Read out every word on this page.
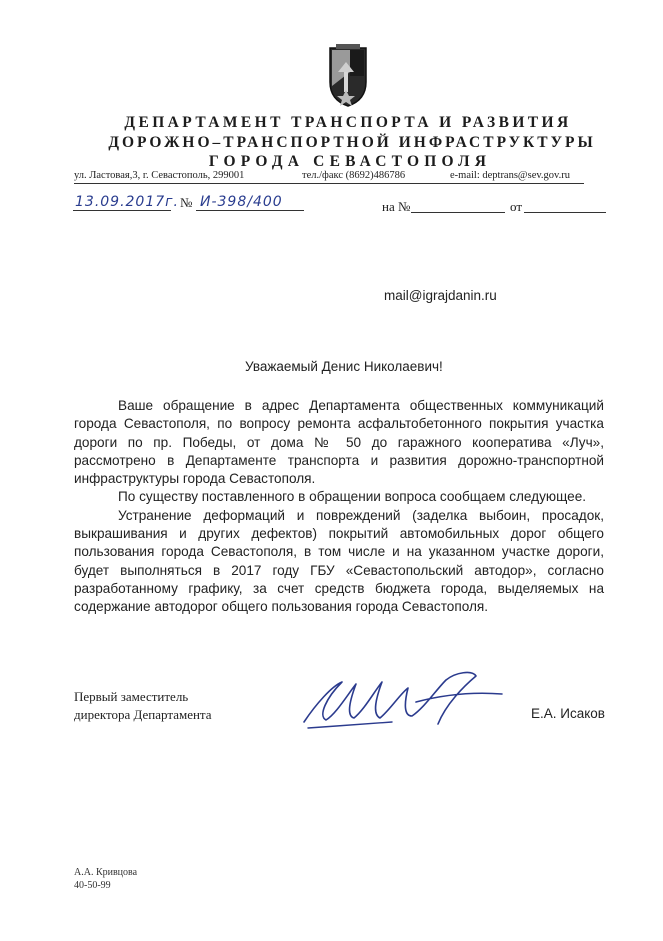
ДЕПАРТАМЕНТ ТРАНСПОРТА И РАЗВИТИЯ
ДОРОЖНО–ТРАНСПОРТНОЙ ИНФРАСТРУКТУРЫ
ГОРОДА СЕВАСТОПОЛЯ
ул. Ластовая,3, г. Севастополь, 299001	тел./факс (8692)486786	e-mail: deptrans@sev.gov.ru
13.09.2017г. № И-398/400	на №	от
mail@igrajdanin.ru
Уважаемый Денис Николаевич!

Ваше обращение в адрес Департамента общественных коммуникаций города Севастополя, по вопросу ремонта асфальтобетонного покрытия участка дороги по пр. Победы, от дома № 50 до гаражного кооператива «Луч», рассмотрено в Департаменте транспорта и развития дорожно-транспортной инфраструктуры города Севастополя.

По существу поставленного в обращении вопроса сообщаем следующее.

Устранение деформаций и повреждений (заделка выбоин, просадок, выкрашивания и других дефектов) покрытий автомобильных дорог общего пользования города Севастополя, в том числе и на указанном участке дороги, будет выполняться в 2017 году ГБУ «Севастопольский автодор», согласно разработанному графику, за счет средств бюджета города, выделяемых на содержание автодорог общего пользования города Севастополя.

Первый заместитель
директора Департамента	Е.А. Исаков
А.А. Кривцова
40-50-99
